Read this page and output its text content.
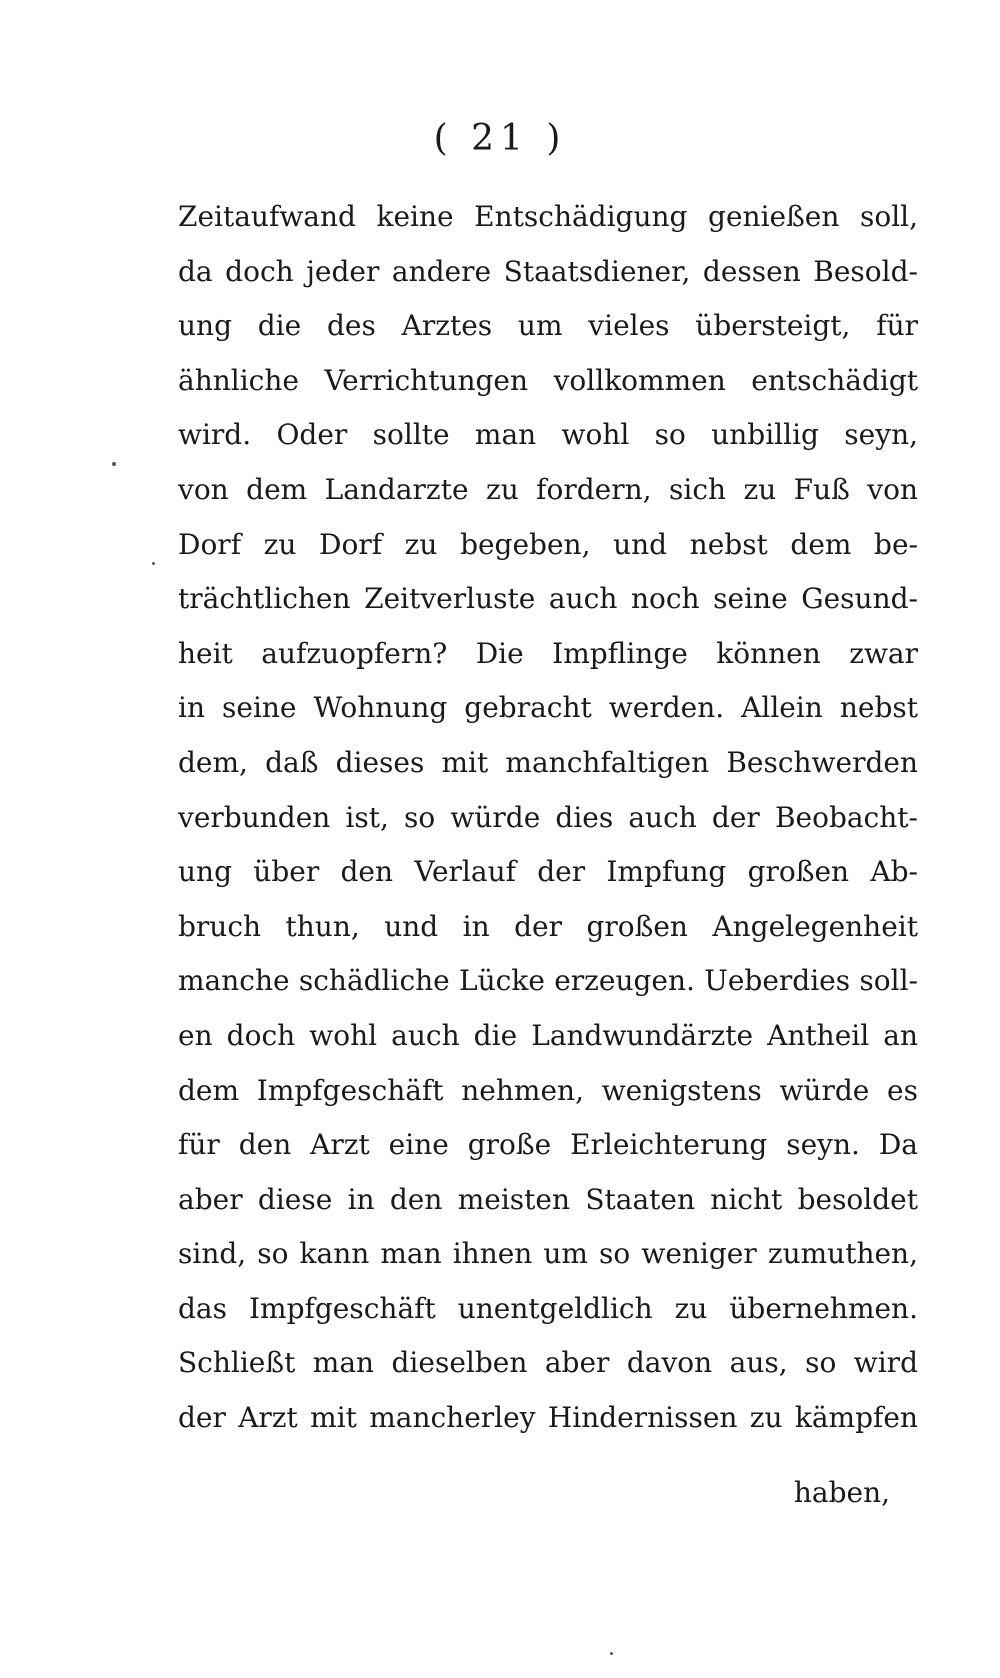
( 21 )
Zeitaufwand keine Entschädigung genießen soll,
da doch jeder andere Staatsdiener, dessen Besold-
ung die des Arztes um vieles übersteigt, für
ähnliche Verrichtungen vollkommen entschädigt
wird. Oder sollte man wohl so unbillig seyn,
von dem Landarzte zu fordern, sich zu Fuß von
Dorf zu Dorf zu begeben, und nebst dem be-
trächtlichen Zeitverluste auch noch seine Gesund-
heit aufzuopfern? Die Impflinge können zwar
in seine Wohnung gebracht werden. Allein nebst
dem, daß dieses mit manchfaltigen Beschwerden
verbunden ist, so würde dies auch der Beobacht-
ung über den Verlauf der Impfung großen Ab-
bruch thun, und in der großen Angelegenheit
manche schädliche Lücke erzeugen. Ueberdies soll-
en doch wohl auch die Landwundärzte Antheil an
dem Impfgeschäft nehmen, wenigstens würde es
für den Arzt eine große Erleichterung seyn. Da
aber diese in den meisten Staaten nicht besoldet
sind, so kann man ihnen um so weniger zumuthen,
das Impfgeschäft unentgeldlich zu übernehmen.
Schließt man dieselben aber davon aus, so wird
der Arzt mit mancherley Hindernissen zu kämpfen
haben,
